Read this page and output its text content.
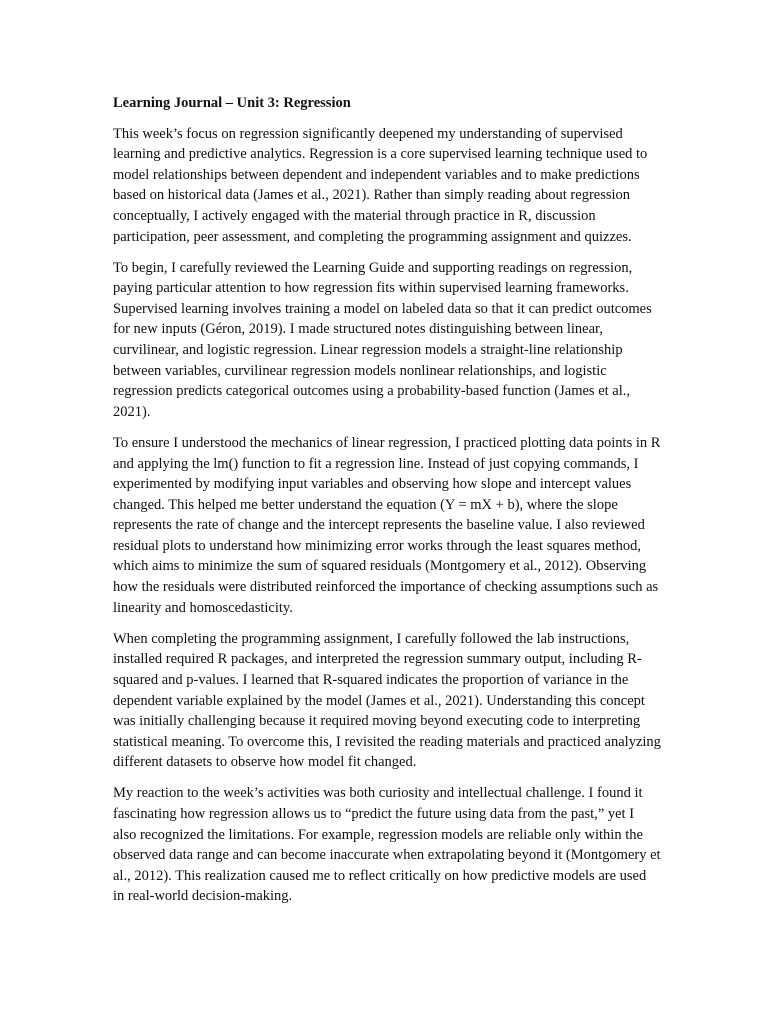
Learning Journal – Unit 3: Regression

This week’s focus on regression significantly deepened my understanding of supervised learning and predictive analytics. Regression is a core supervised learning technique used to model relationships between dependent and independent variables and to make predictions based on historical data (James et al., 2021). Rather than simply reading about regression conceptually, I actively engaged with the material through practice in R, discussion participation, peer assessment, and completing the programming assignment and quizzes.

To begin, I carefully reviewed the Learning Guide and supporting readings on regression, paying particular attention to how regression fits within supervised learning frameworks. Supervised learning involves training a model on labeled data so that it can predict outcomes for new inputs (Géron, 2019). I made structured notes distinguishing between linear, curvilinear, and logistic regression. Linear regression models a straight-line relationship between variables, curvilinear regression models nonlinear relationships, and logistic regression predicts categorical outcomes using a probability-based function (James et al., 2021).

To ensure I understood the mechanics of linear regression, I practiced plotting data points in R and applying the lm() function to fit a regression line. Instead of just copying commands, I experimented by modifying input variables and observing how slope and intercept values changed. This helped me better understand the equation (Y = mX + b), where the slope represents the rate of change and the intercept represents the baseline value. I also reviewed residual plots to understand how minimizing error works through the least squares method, which aims to minimize the sum of squared residuals (Montgomery et al., 2012). Observing how the residuals were distributed reinforced the importance of checking assumptions such as linearity and homoscedasticity.

When completing the programming assignment, I carefully followed the lab instructions, installed required R packages, and interpreted the regression summary output, including R-squared and p-values. I learned that R-squared indicates the proportion of variance in the dependent variable explained by the model (James et al., 2021). Understanding this concept was initially challenging because it required moving beyond executing code to interpreting statistical meaning. To overcome this, I revisited the reading materials and practiced analyzing different datasets to observe how model fit changed.

My reaction to the week’s activities was both curiosity and intellectual challenge. I found it fascinating how regression allows us to “predict the future using data from the past,” yet I also recognized the limitations. For example, regression models are reliable only within the observed data range and can become inaccurate when extrapolating beyond it (Montgomery et al., 2012). This realization caused me to reflect critically on how predictive models are used in real-world decision-making.
